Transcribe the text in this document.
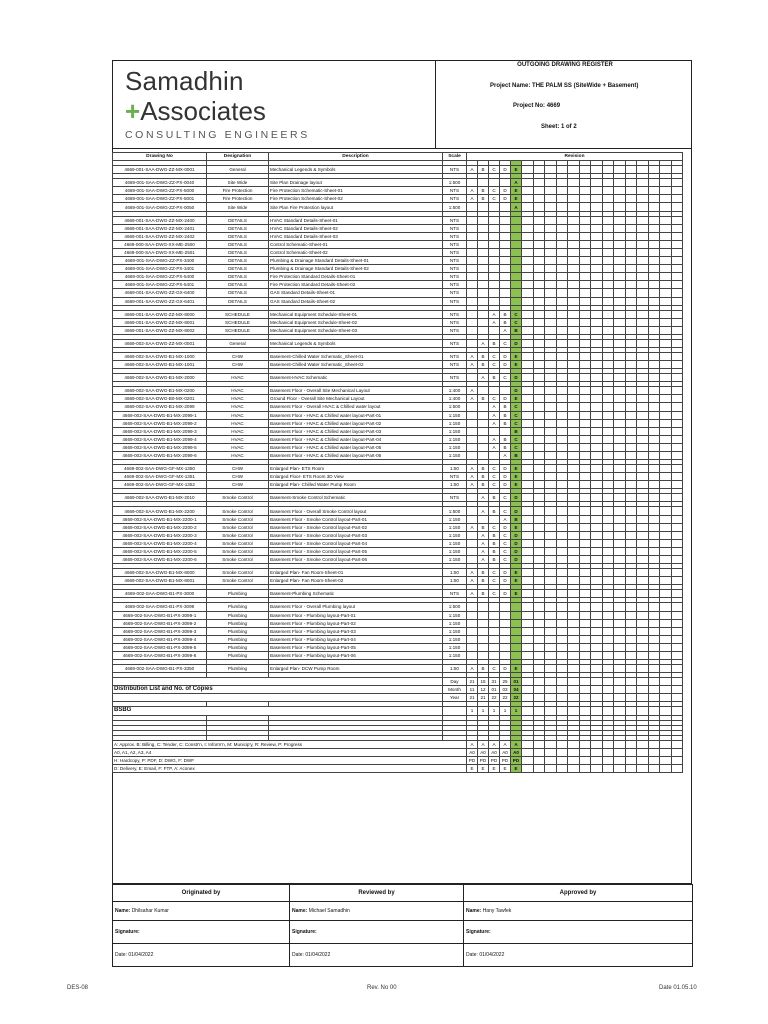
Samadhin
+Associates
CONSULTING ENGINEERS
OUTGOING DRAWING REGISTER
Project Name: THE PALM SS (SiteWide + Basement)
Project No: 4669
Sheet: 1 of 2
Drawing No	Designation	Description	Scale	Revision																		

4669-001-SAA-DWG-ZZ-MX-0001	General	Mechanical Legends & Symbols	NTS	A	B	C	D	E														

4669-001-SAA-DWG-ZZ-PX-0040	Site Wide	Site Plan Drainage layout	1:500					A														
4669-001-SAA-DWG-ZZ-PX-5000	Fire Protection	Fire Protection Schematic-Sheet-01	NTS	A	B	C	D	E														
4669-001-SAA-DWG-ZZ-PX-5001	Fire Protection	Fire Protection Schematic-Sheet-02	NTS	A	B	C	D	E														
4669-001-SAA-DWG-ZZ-PX-0050	Site Wide	Site Plan Fire Protection layout	1:500					A														

4669-001-SAA-DWG-ZZ-MX-2400	DETAILS	HVAC Standard Details-Sheet-01	NTS																			
4669-001-SAA-DWG-ZZ-MX-2401	DETAILS	HVAC Standard Details-Sheet-02	NTS																			
4669-001-SAA-DWG-ZZ-MX-2402	DETAILS	HVAC Standard Details-Sheet-03	NTS																			
4669-000-SAA-DWG-XX-ME-2500	DETAILS	Control Schematic-Sheet-01	NTS																			
4669-000-SAA-DWG-XX-ME-2501	DETAILS	Control Schematic-Sheet-02	NTS																			
4669-001-SAA-DWG-ZZ-PX-3400	DETAILS	Plumbing & Drainage Standard Details-Sheet-01	NTS																			
4669-001-SAA-DWG-ZZ-PX-3401	DETAILS	Plumbing & Drainage Standard Details-Sheet-02	NTS																			
4669-001-SAA-DWG-ZZ-PX-5400	DETAILS	Fire Protection Standard Details-Sheet-01	NTS																			
4669-001-SAA-DWG-ZZ-PX-5401	DETAILS	Fire Protection Standard Details-Sheet-02	NTS																			
4669-001-SAA-DWG-ZZ-GX-6400	DETAILS	GAS Standard Details-Sheet-01	NTS																			
4669-001-SAA-DWG-ZZ-GX-6401	DETAILS	GAS Standard Details-Sheet-02	NTS																			

4669-001-SAA-DWG-ZZ-MX-8000	SCHEDULE	Mechanical Equipment Schedule-Sheet-01	NTS			A	B	C														
4669-001-SAA-DWG-ZZ-MX-8001	SCHEDULE	Mechanical Equipment Schedule-Sheet-02	NTS			A	B	C														
4669-001-SAA-DWG-ZZ-MX-8002	SCHEDULE	Mechanical Equipment Schedule-Sheet-03	NTS				A	B														

4669-002-SAA-DWG-ZZ-MX-0001	General	Mechanical Legends & Symbols	NTS		A	B	C	D														

4669-002-SAA-DWG-B1-MX-1000	CHW	Basement-Chilled Water Schematic_Sheet-01	NTS	A	B	C	D	E														
4669-002-SAA-DWG-B1-MX-1001	CHW	Basement-Chilled Water Schematic_Sheet-02	NTS	A	B	C	D	E														

4669-002-SAA-DWG-B1-MX-2000	HVAC	Basement-HVAC Schematic	NTS		A	B	C	D														

4669-002-SAA-DWG-B1-MX-0200	HVAC	Basement Floor - Overall Site Mechanical Layout	1:400	A				D														
4669-002-SAA-DWG-B0-MX-0201	HVAC	Ground Floor - Overall Site Mechanical Layout	1:400	A	B	C	D	E														
4669-002-SAA-DWG-B1-MX-2099	HVAC	Basement Floor - Overall HVAC & Chilled water layout	1:500			A	B	C														
4669-002-SAA-DWG-B1-MX-2099-1	HVAC	Basement Floor - HVAC & Chilled water layout-Part-01	1:150			A	B	C														
4669-002-SAA-DWG-B1-MX-2099-2	HVAC	Basement Floor - HVAC & Chilled water layout-Part-02	1:150			A	B	C														
4669-002-SAA-DWG-B1-MX-2099-3	HVAC	Basement Floor - HVAC & Chilled water layout-Part-03	1:150					B														
4669-002-SAA-DWG-B1-MX-2099-4	HVAC	Basement Floor - HVAC & Chilled water layout-Part-04	1:150			A	B	C														
4669-002-SAA-DWG-B1-MX-2099-5	HVAC	Basement Floor - HVAC & Chilled water layout-Part-05	1:150			A	B	C														
4669-002-SAA-DWG-B1-MX-2099-6	HVAC	Basement Floor - HVAC & Chilled water layout-Part-06	1:150				A	B														

4669-002-SAA-DWG-GF-MX-1350	CHW	Enlarged Plan- ETS Room	1:50	A	B	C	D	E														
4669-002-SAA-DWG-GF-MX-1351	CHW	Enlarged Floor- ETS Room 3D View	NTS	A	B	C	D	E														
4669-002-SAA-DWG-GF-MX-1352	CHW	Enlarged Plan- Chilled Water Pump Room	1:50	A	B	C	D	E														

4669-002-SAA-DWG-B1-MX-2010	Smoke Control	Basement-Smoke Control Schematic	NTS		A	B	C	D														

4669-002-SAA-DWG-B1-MX-2200	Smoke Control	Basement Floor - Overall Smoke Control layout	1:500		A	B	C	D														
4669-002-SAA-DWG-B1-MX-2200-1	Smoke Control	Basement Floor - Smoke Control layout-Part-01	1:150				A	B														
4669-002-SAA-DWG-B1-MX-2200-2	Smoke Control	Basement Floor - Smoke Control layout-Part-02	1:150	A	B	C	D	E														
4669-002-SAA-DWG-B1-MX-2200-3	Smoke Control	Basement Floor - Smoke Control layout-Part-03	1:150		A	B	C	D														
4669-002-SAA-DWG-B1-MX-2200-4	Smoke Control	Basement Floor - Smoke Control layout-Part-04	1:150		A	B	C	D														
4669-002-SAA-DWG-B1-MX-2200-5	Smoke Control	Basement Floor - Smoke Control layout-Part-05	1:150		A	B	C	D														
4669-002-SAA-DWG-B1-MX-2200-6	Smoke Control	Basement Floor - Smoke Control layout-Part-06	1:150		A	B	C	D														

4669-002-SAA-DWG-B1-MX-8000	Smoke Control	Enlarged Plan- Fan Room-Sheet-01	1:50	A	B	C	D	E														
4669-002-SAA-DWG-B1-MX-8001	Smoke Control	Enlarged Plan- Fan Room-Sheet-02	1:50	A	B	C	D	E														

4669-002-SAA-DWG-B1-PX-3000	Plumbing	Basement-Plumbing Schematic	NTS	A	B	C	D	E														

4669-002-SAA-DWG-B1-PX-3099	Plumbing	Basement Floor - Overall Plumbing layout	1:500																			
4669-002-SAA-DWG-B1-PX-3099-1	Plumbing	Basement Floor - Plumbing layout-Part-01	1:150																			
4669-002-SAA-DWG-B1-PX-3099-2	Plumbing	Basement Floor - Plumbing layout-Part-02	1:150																			
4669-002-SAA-DWG-B1-PX-3099-3	Plumbing	Basement Floor - Plumbing layout-Part-03	1:150																			
4669-002-SAA-DWG-B1-PX-3099-4	Plumbing	Basement Floor - Plumbing layout-Part-04	1:150																			
4669-002-SAA-DWG-B1-PX-3099-5	Plumbing	Basement Floor - Plumbing layout-Part-05	1:150																			
4669-002-SAA-DWG-B1-PX-3099-6	Plumbing	Basement Floor - Plumbing layout-Part-06	1:150																			

4669-002-SAA-DWG-B1-PX-3350	Plumbing	Enlarged Plan- DCW Pump Room	1:50	A	B	C	D	E														

			Day	21	15	31	25	01														
Distribution List and No. of Copies			Month	11	12	01	03	04														
			Year	21	21	22	22	22														

BSBG				1	1	1	1	1														

A: Approx. B: Billing, C: Tender, C: Constr'n, I: Inform'n, M: Municip'y, R: Review, P: Progress				A	A	A	A	A														
A0, A1, A2, A3, A4				A0	A0	A0	A0	A0														
H: Hardcopy, P: PDF, D: DWG, F: DWF				PD	PD	PD	PD	PD														
D: Delivery, E: Email, F: FTP, A: Aconex				E	E	E	E	E														
Originated by	Reviewed by	Approved by
Name: Dhilsahar Kumar	Name: Michael Samadhin	Name: Hany Tawfek
Signature:	Signature:	Signature:
Date: 01/04/2022	Date: 01/04/2022	Date: 01/04/2022
DES-08	Rev. No 00	Date 01.05.10
